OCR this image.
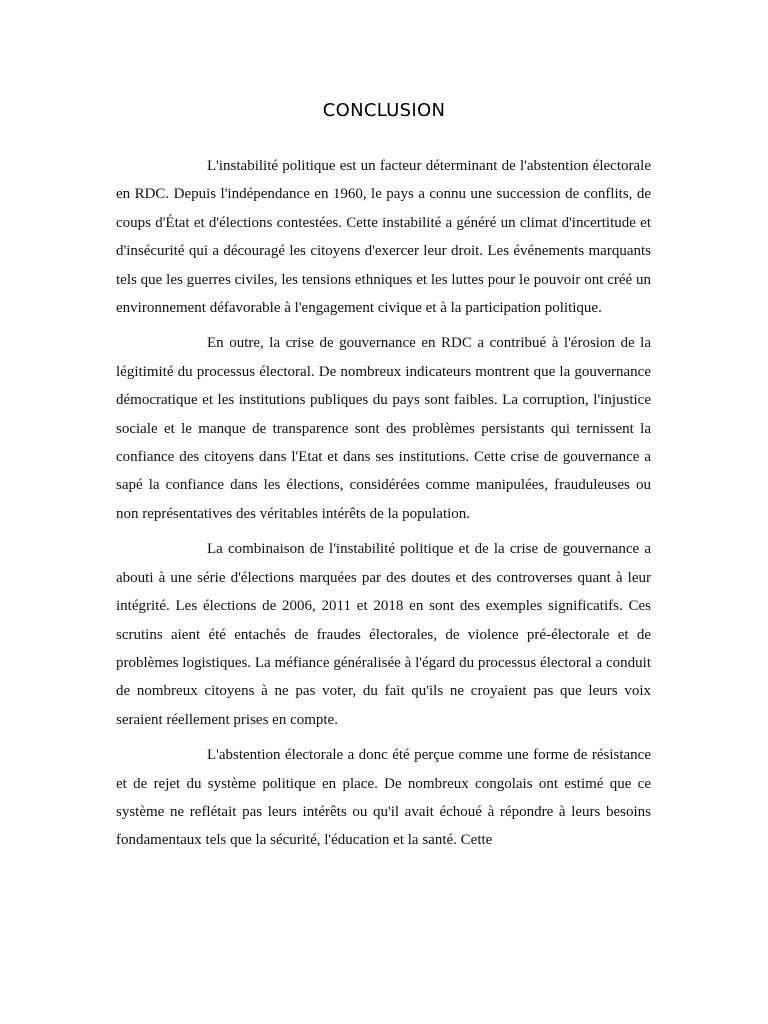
CONCLUSION

L'instabilité politique est un facteur déterminant de l'abstention électorale en RDC. Depuis l'indépendance en 1960, le pays a connu une succession de conflits, de coups d'État et d'élections contestées. Cette instabilité a généré un climat d'incertitude et d'insécurité qui a découragé les citoyens d'exercer leur droit. Les événements marquants tels que les guerres civiles, les tensions ethniques et les luttes pour le pouvoir ont créé un environnement défavorable à l'engagement civique et à la participation politique.

En outre, la crise de gouvernance en RDC a contribué à l'érosion de la légitimité du processus électoral. De nombreux indicateurs montrent que la gouvernance démocratique et les institutions publiques du pays sont faibles. La corruption, l'injustice sociale et le manque de transparence sont des problèmes persistants qui ternissent la confiance des citoyens dans l'Etat et dans ses institutions. Cette crise de gouvernance a sapé la confiance dans les élections, considérées comme manipulées, frauduleuses ou non représentatives des véritables intérêts de la population.

La combinaison de l'instabilité politique et de la crise de gouvernance a abouti à une série d'élections marquées par des doutes et des controverses quant à leur intégrité. Les élections de 2006, 2011 et 2018 en sont des exemples significatifs. Ces scrutins aient été entachés de fraudes électorales, de violence pré-électorale et de problèmes logistiques. La méfiance généralisée à l'égard du processus électoral a conduit de nombreux citoyens à ne pas voter, du fait qu'ils ne croyaient pas que leurs voix seraient réellement prises en compte.

L'abstention électorale a donc été perçue comme une forme de résistance et de rejet du système politique en place. De nombreux congolais ont estimé que ce système ne reflétait pas leurs intérêts ou qu'il avait échoué à répondre à leurs besoins fondamentaux tels que la sécurité, l'éducation et la santé. Cette
